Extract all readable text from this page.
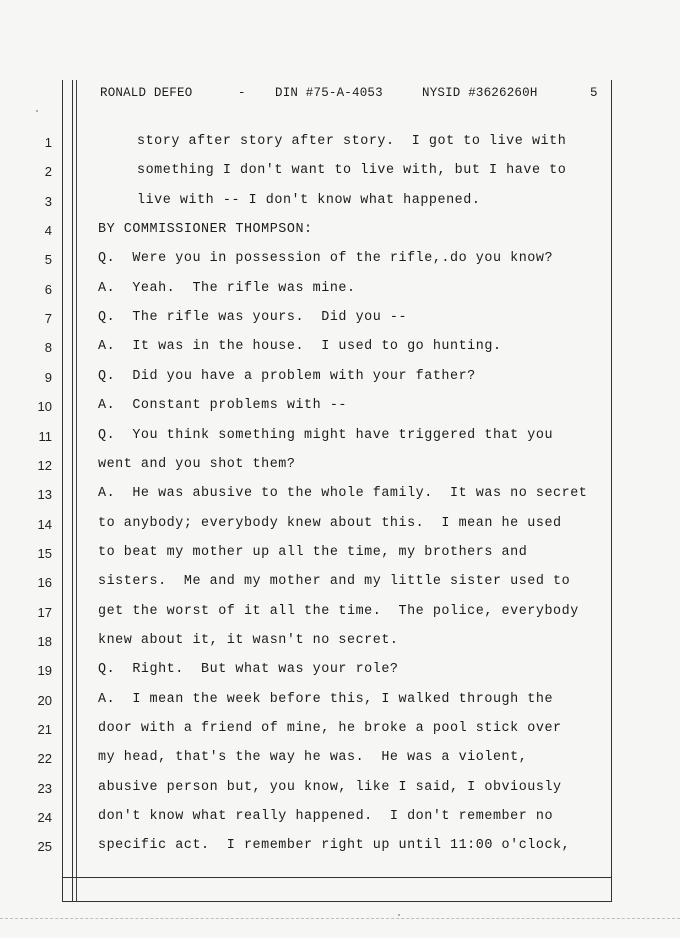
RONALD DEFEO

	-

DIN #75-A-4053

	NYSID #3626260H

	5

1	story after story after story.  I got to live with
2	something I don't want to live with, but I have to
3	live with -- I don't know what happened.
4	BY COMMISSIONER THOMPSON:
5	Q.  Were you in possession of the rifle,.do you know?
6	A.  Yeah.  The rifle was mine.
7	Q.  The rifle was yours.  Did you --
8	A.  It was in the house.  I used to go hunting.
9	Q.  Did you have a problem with your father?
10	A.  Constant problems with --
11	Q.  You think something might have triggered that you
12	went and you shot them?
13	A.  He was abusive to the whole family.  It was no secret
14	to anybody; everybody knew about this.  I mean he used
15	to beat my mother up all the time, my brothers and
16	sisters.  Me and my mother and my little sister used to
17	get the worst of it all the time.  The police, everybody
18	knew about it, it wasn't no secret.
19	Q.  Right.  But what was your role?
20	A.  I mean the week before this, I walked through the
21	door with a friend of mine, he broke a pool stick over
22	my head, that's the way he was.  He was a violent,
23	abusive person but, you know, like I said, I obviously
24	don't know what really happened.  I don't remember no
25	specific act.  I remember right up until 11:00 o'clock,
